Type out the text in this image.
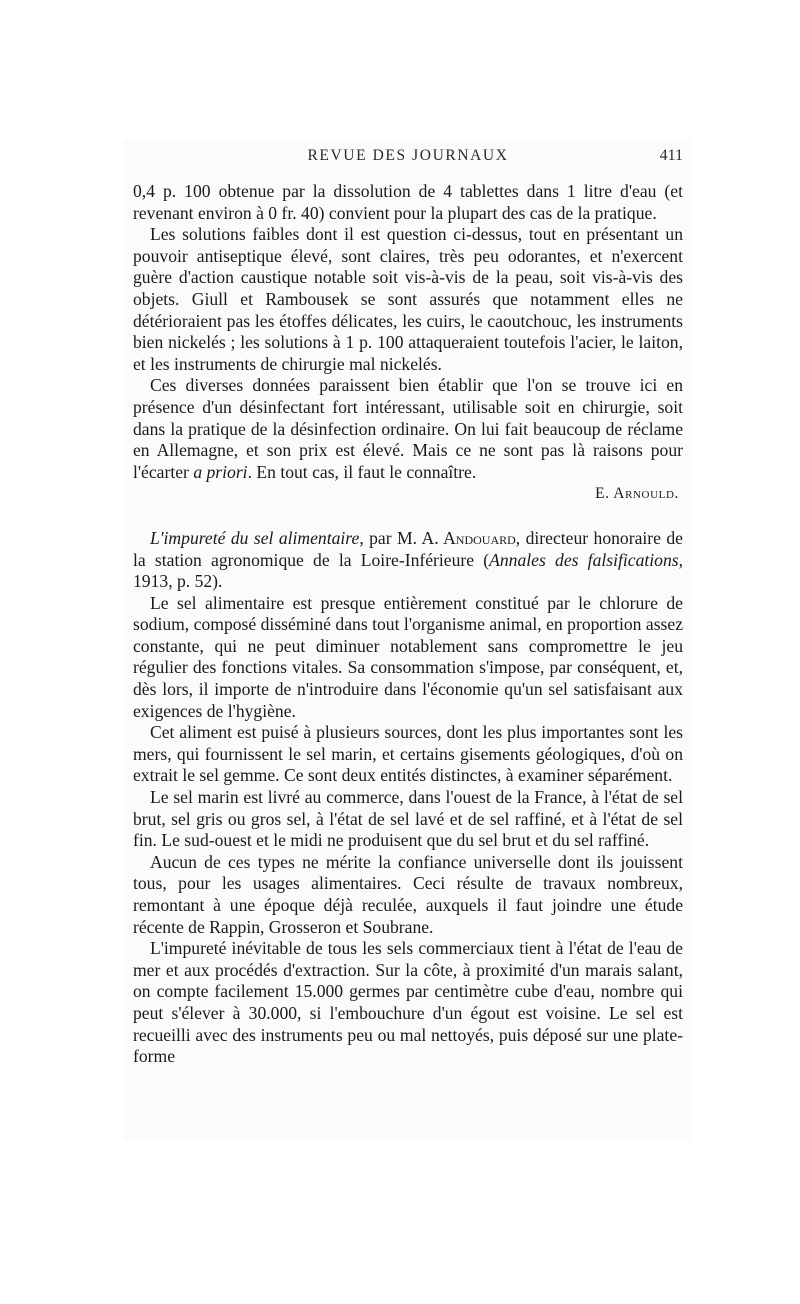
REVUE DES JOURNAUX	411

0,4 p. 100 obtenue par la dissolution de 4 tablettes dans 1 litre d'eau (et revenant environ à 0 fr. 40) convient pour la plupart des cas de la pratique.

Les solutions faibles dont il est question ci-dessus, tout en présentant un pouvoir antiseptique élevé, sont claires, très peu odorantes, et n'exercent guère d'action caustique notable soit vis-à-vis de la peau, soit vis-à-vis des objets. Giull et Rambousek se sont assurés que notamment elles ne détérioraient pas les étoffes délicates, les cuirs, le caoutchouc, les instruments bien nickelés ; les solutions à 1 p. 100 attaqueraient toutefois l'acier, le laiton, et les instruments de chirurgie mal nickelés.

Ces diverses données paraissent bien établir que l'on se trouve ici en présence d'un désinfectant fort intéressant, utilisable soit en chirurgie, soit dans la pratique de la désinfection ordinaire. On lui fait beaucoup de réclame en Allemagne, et son prix est élevé. Mais ce ne sont pas là raisons pour l'écarter a priori. En tout cas, il faut le connaître.

E. Arnould.

L'impureté du sel alimentaire, par M. A. Andouard, directeur honoraire de la station agronomique de la Loire-Inférieure (Annales des falsifications, 1913, p. 52).

Le sel alimentaire est presque entièrement constitué par le chlorure de sodium, composé disséminé dans tout l'organisme animal, en proportion assez constante, qui ne peut diminuer notablement sans compromettre le jeu régulier des fonctions vitales. Sa consommation s'impose, par conséquent, et, dès lors, il importe de n'introduire dans l'économie qu'un sel satisfaisant aux exigences de l'hygiène.

Cet aliment est puisé à plusieurs sources, dont les plus importantes sont les mers, qui fournissent le sel marin, et certains gisements géologiques, d'où on extrait le sel gemme. Ce sont deux entités distinctes, à examiner séparément.

Le sel marin est livré au commerce, dans l'ouest de la France, à l'état de sel brut, sel gris ou gros sel, à l'état de sel lavé et de sel raffiné, et à l'état de sel fin. Le sud-ouest et le midi ne produisent que du sel brut et du sel raffiné.

Aucun de ces types ne mérite la confiance universelle dont ils jouissent tous, pour les usages alimentaires. Ceci résulte de travaux nombreux, remontant à une époque déjà reculée, auxquels il faut joindre une étude récente de Rappin, Grosseron et Soubrane.

L'impureté inévitable de tous les sels commerciaux tient à l'état de l'eau de mer et aux procédés d'extraction. Sur la côte, à proximité d'un marais salant, on compte facilement 15.000 germes par centimètre cube d'eau, nombre qui peut s'élever à 30.000, si l'embouchure d'un égout est voisine. Le sel est recueilli avec des instruments peu ou mal nettoyés, puis déposé sur une plate-forme
